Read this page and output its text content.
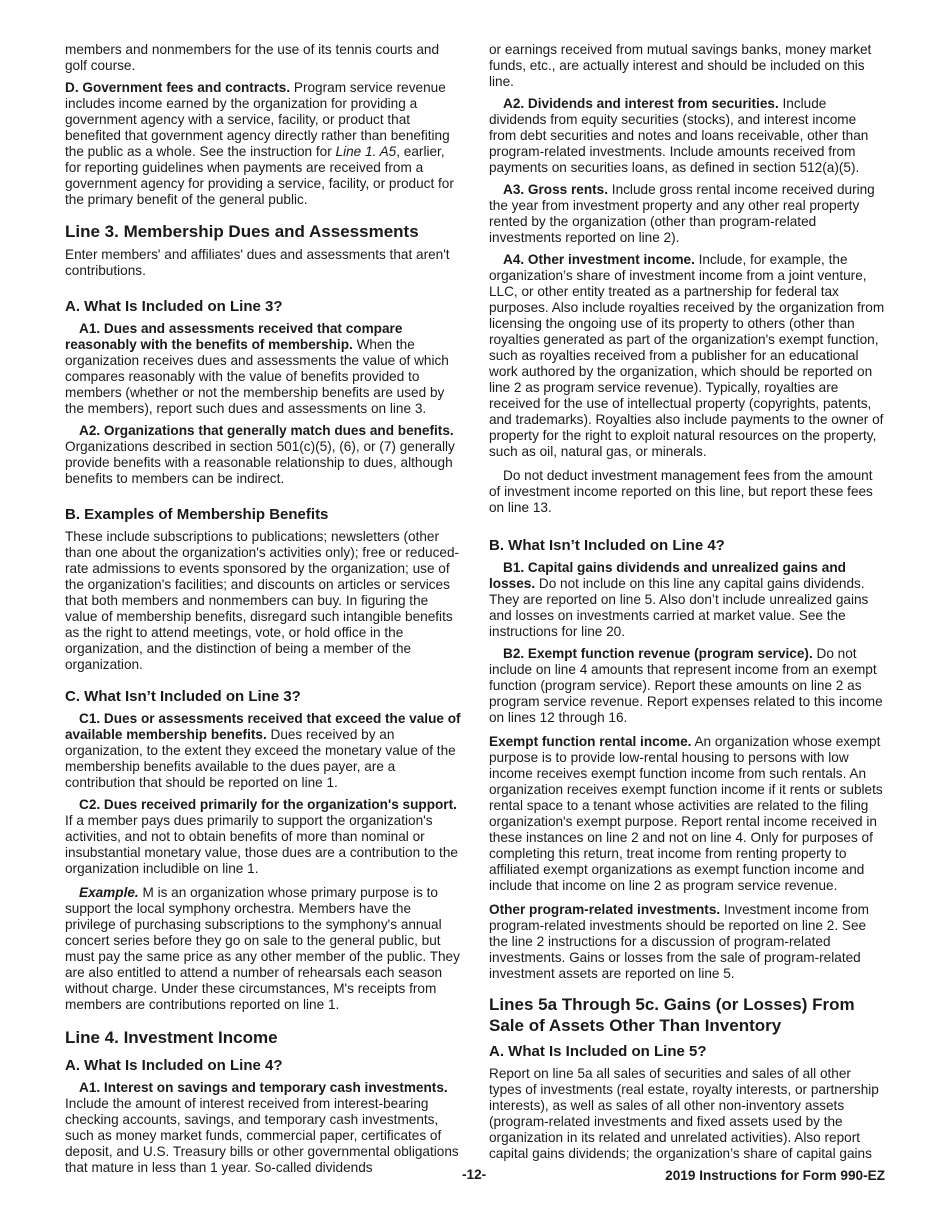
members and nonmembers for the use of its tennis courts and golf course.

D. Government fees and contracts. Program service revenue includes income earned by the organization for providing a government agency with a service, facility, or product that benefited that government agency directly rather than benefiting the public as a whole. See the instruction for Line 1. A5, earlier, for reporting guidelines when payments are received from a government agency for providing a service, facility, or product for the primary benefit of the general public.

Line 3. Membership Dues and Assessments

Enter members' and affiliates' dues and assessments that aren't contributions.

A. What Is Included on Line 3?

A1. Dues and assessments received that compare reasonably with the benefits of membership. When the organization receives dues and assessments the value of which compares reasonably with the value of benefits provided to members (whether or not the membership benefits are used by the members), report such dues and assessments on line 3.

A2. Organizations that generally match dues and benefits. Organizations described in section 501(c)(5), (6), or (7) generally provide benefits with a reasonable relationship to dues, although benefits to members can be indirect.

B. Examples of Membership Benefits

These include subscriptions to publications; newsletters (other than one about the organization's activities only); free or reduced-rate admissions to events sponsored by the organization; use of the organization's facilities; and discounts on articles or services that both members and nonmembers can buy. In figuring the value of membership benefits, disregard such intangible benefits as the right to attend meetings, vote, or hold office in the organization, and the distinction of being a member of the organization.

C. What Isn’t Included on Line 3?

C1. Dues or assessments received that exceed the value of available membership benefits. Dues received by an organization, to the extent they exceed the monetary value of the membership benefits available to the dues payer, are a contribution that should be reported on line 1.

C2. Dues received primarily for the organization's support. If a member pays dues primarily to support the organization's activities, and not to obtain benefits of more than nominal or insubstantial monetary value, those dues are a contribution to the organization includible on line 1.

Example. M is an organization whose primary purpose is to support the local symphony orchestra. Members have the privilege of purchasing subscriptions to the symphony's annual concert series before they go on sale to the general public, but must pay the same price as any other member of the public. They are also entitled to attend a number of rehearsals each season without charge. Under these circumstances, M's receipts from members are contributions reported on line 1.

Line 4. Investment Income
A. What Is Included on Line 4?

A1. Interest on savings and temporary cash investments. Include the amount of interest received from interest-bearing checking accounts, savings, and temporary cash investments, such as money market funds, commercial paper, certificates of deposit, and U.S. Treasury bills or other governmental obligations that mature in less than 1 year. So-called dividends

or earnings received from mutual savings banks, money market funds, etc., are actually interest and should be included on this line.

A2. Dividends and interest from securities. Include dividends from equity securities (stocks), and interest income from debt securities and notes and loans receivable, other than program-related investments. Include amounts received from payments on securities loans, as defined in section 512(a)(5).

A3. Gross rents. Include gross rental income received during the year from investment property and any other real property rented by the organization (other than program-related investments reported on line 2).

A4. Other investment income. Include, for example, the organization’s share of investment income from a joint venture, LLC, or other entity treated as a partnership for federal tax purposes. Also include royalties received by the organization from licensing the ongoing use of its property to others (other than royalties generated as part of the organization's exempt function, such as royalties received from a publisher for an educational work authored by the organization, which should be reported on line 2 as program service revenue). Typically, royalties are received for the use of intellectual property (copyrights, patents, and trademarks). Royalties also include payments to the owner of property for the right to exploit natural resources on the property, such as oil, natural gas, or minerals.

Do not deduct investment management fees from the amount of investment income reported on this line, but report these fees on line 13.

B. What Isn’t Included on Line 4?

B1. Capital gains dividends and unrealized gains and losses. Do not include on this line any capital gains dividends. They are reported on line 5. Also don’t include unrealized gains and losses on investments carried at market value. See the instructions for line 20.

B2. Exempt function revenue (program service). Do not include on line 4 amounts that represent income from an exempt function (program service). Report these amounts on line 2 as program service revenue. Report expenses related to this income on lines 12 through 16.

Exempt function rental income. An organization whose exempt purpose is to provide low-rental housing to persons with low income receives exempt function income from such rentals. An organization receives exempt function income if it rents or sublets rental space to a tenant whose activities are related to the filing organization's exempt purpose. Report rental income received in these instances on line 2 and not on line 4. Only for purposes of completing this return, treat income from renting property to affiliated exempt organizations as exempt function income and include that income on line 2 as program service revenue.

Other program-related investments. Investment income from program-related investments should be reported on line 2. See the line 2 instructions for a discussion of program-related investments. Gains or losses from the sale of program-related investment assets are reported on line 5.

Lines 5a Through 5c. Gains (or Losses) From Sale of Assets Other Than Inventory
A. What Is Included on Line 5?

Report on line 5a all sales of securities and sales of all other types of investments (real estate, royalty interests, or partnership interests), as well as sales of all other non-inventory assets (program-related investments and fixed assets used by the organization in its related and unrelated activities). Also report capital gains dividends; the organization’s share of capital gains

-12-	2019 Instructions for Form 990-EZ
